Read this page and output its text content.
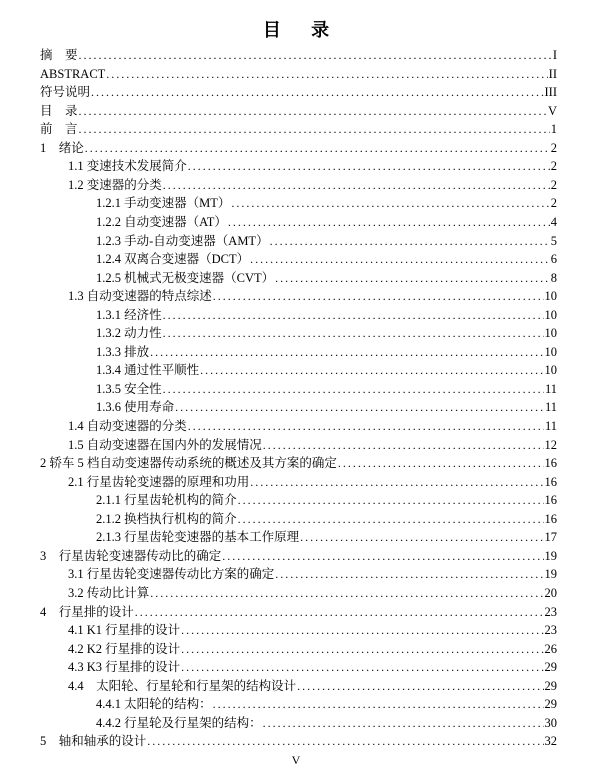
目 录
摘　要 .....	I
ABSTRACT .....	II
符号说明 .....	III
目　录 .....	V
前　言 .....	1
1　绪论 .....	2
1.1 变速技术发展简介 .....	2
1.2 变速器的分类 .....	2
1.2.1 手动变速器（MT） .....	2
1.2.2 自动变速器（AT） .....	4
1.2.3 手动-自动变速器（AMT） .....	5
1.2.4 双离合变速器（DCT） .....	6
1.2.5 机械式无极变速器（CVT） .....	8
1.3 自动变速器的特点综述 .....	10
1.3.1 经济性 .....	10
1.3.2 动力性 .....	10
1.3.3 排放 .....	10
1.3.4 通过性平顺性 .....	10
1.3.5 安全性 .....	11
1.3.6 使用寿命 .....	11
1.4 自动变速器的分类 .....	11
1.5 自动变速器在国内外的发展情况 .....	12
2 轿车 5 档自动变速器传动系统的概述及其方案的确定 .....	16
2.1 行星齿轮变速器的原理和功用 .....	16
2.1.1 行星齿轮机构的简介 .....	16
2.1.2 换档执行机构的简介 .....	16
2.1.3 行星齿轮变速器的基本工作原理 .....	17
3　行星齿轮变速器传动比的确定 .....	19
3.1 行星齿轮变速器传动比方案的确定 .....	19
3.2 传动比计算 .....	20
4　行星排的设计 .....	23
4.1 K1 行星排的设计 .....	23
4.2 K2 行星排的设计 .....	26
4.3 K3 行星排的设计 .....	29
4.4　太阳轮、行星轮和行星架的结构设计 .....	29
4.4.1 太阳轮的结构： .....	29
4.4.2 行星轮及行星架的结构： .....	30
5　轴和轴承的设计 .....	32
V
